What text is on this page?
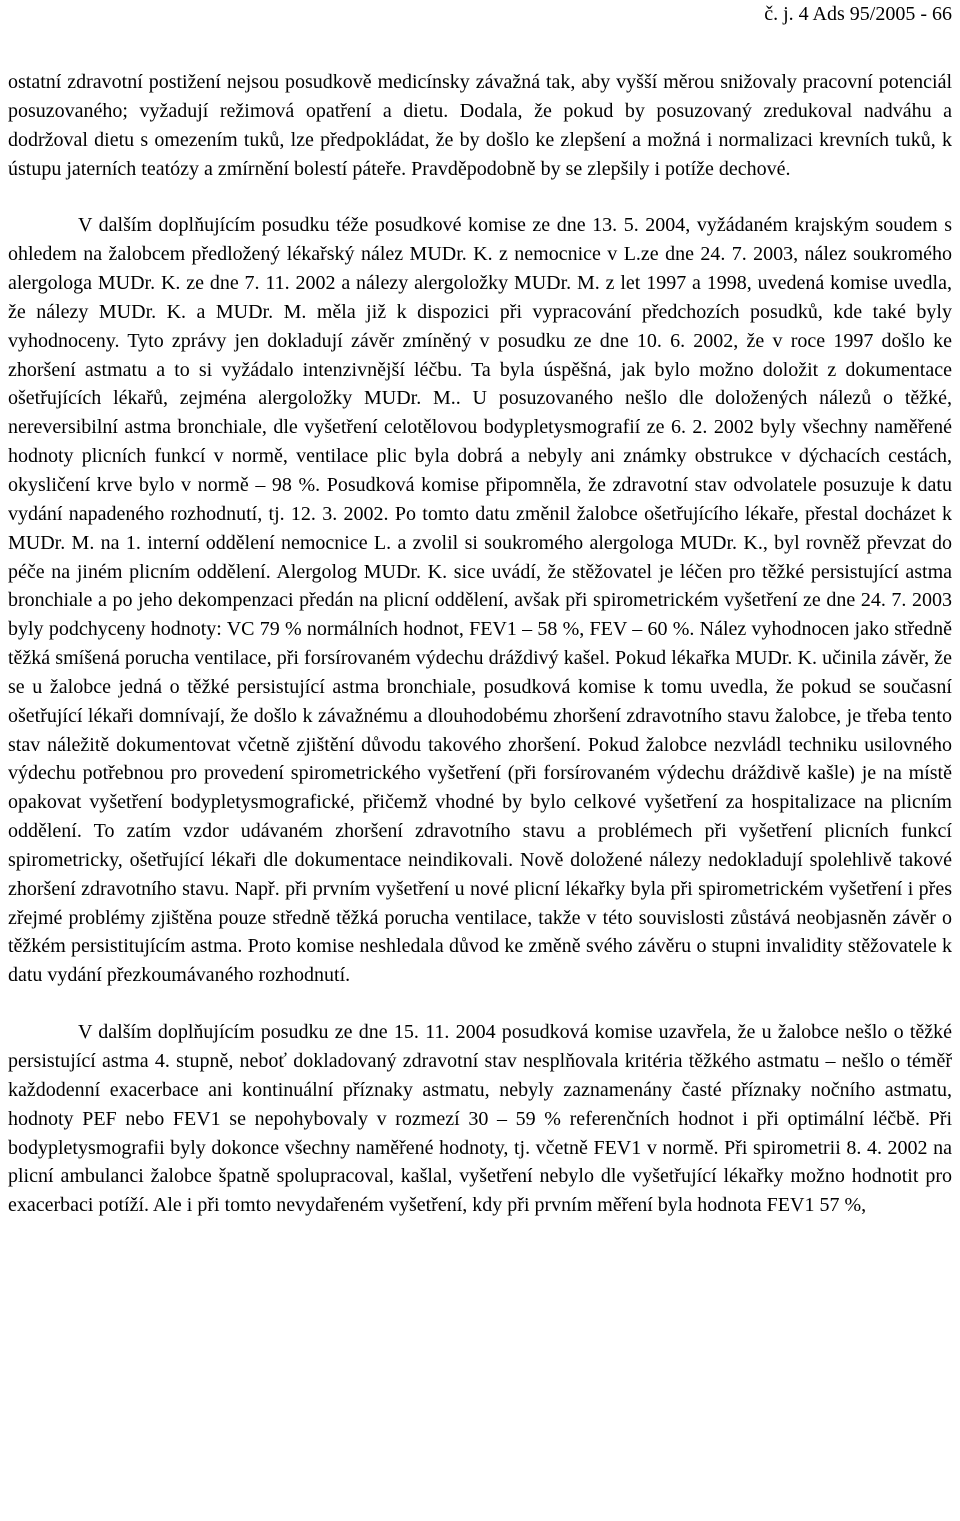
č. j. 4 Ads 95/2005 - 66

ostatní zdravotní postižení nejsou posudkově medicínsky závažná tak, aby vyšší měrou snižovaly pracovní potenciál posuzovaného; vyžadují režimová opatření a dietu. Dodala, že pokud by posuzovaný zredukoval nadváhu a dodržoval dietu s omezením tuků, lze předpokládat, že by došlo ke zlepšení a možná i normalizaci krevních tuků, k ústupu jaterních teatózy a zmírnění bolestí páteře. Pravděpodobně by se zlepšily i potíže dechové.

V dalším doplňujícím posudku téže posudkové komise ze dne 13. 5. 2004, vyžádaném krajským soudem s ohledem na žalobcem předložený lékařský nález MUDr. K. z nemocnice v L.ze dne 24. 7. 2003, nález soukromého alergologa MUDr. K. ze dne 7. 11. 2002 a nálezy alergoložky MUDr. M. z let 1997 a 1998, uvedená komise uvedla, že nálezy MUDr. K. a MUDr. M. měla již k dispozici při vypracování předchozích posudků, kde také byly vyhodnoceny. Tyto zprávy jen dokladují závěr zmíněný v posudku ze dne 10. 6. 2002, že v roce 1997 došlo ke zhoršení astmatu a to si vyžádalo intenzivnější léčbu. Ta byla úspěšná, jak bylo možno doložit z dokumentace ošetřujících lékařů, zejména alergoložky MUDr. M.. U posuzovaného nešlo dle doložených nálezů o těžké, nereversibilní astma bronchiale, dle vyšetření celotělovou bodypletysmografií ze 6. 2. 2002 byly všechny naměřené hodnoty plicních funkcí v normě, ventilace plic byla dobrá a nebyly ani známky obstrukce v dýchacích cestách, okysličení krve bylo v normě – 98 %. Posudková komise připomněla, že zdravotní stav odvolatele posuzuje k datu vydání napadeného rozhodnutí, tj. 12. 3. 2002. Po tomto datu změnil žalobce ošetřujícího lékaře, přestal docházet k MUDr. M. na 1. interní oddělení nemocnice L. a zvolil si soukromého alergologa MUDr. K., byl rovněž převzat do péče na jiném plicním oddělení. Alergolog MUDr. K. sice uvádí, že stěžovatel je léčen pro těžké persistující astma bronchiale a po jeho dekompenzaci předán na plicní oddělení, avšak při spirometrickém vyšetření ze dne 24. 7. 2003 byly podchyceny hodnoty: VC 79 % normálních hodnot, FEV1 – 58 %, FEV – 60 %. Nález vyhodnocen jako středně těžká smíšená porucha ventilace, při forsírovaném výdechu dráždivý kašel. Pokud lékařka MUDr. K. učinila závěr, že se u žalobce jedná o těžké persistující astma bronchiale, posudková komise k tomu uvedla, že pokud se současní ošetřující lékaři domnívají, že došlo k závažnému a dlouhodobému zhoršení zdravotního stavu žalobce, je třeba tento stav náležitě dokumentovat včetně zjištění důvodu takového zhoršení. Pokud žalobce nezvládl techniku usilovného výdechu potřebnou pro provedení spirometrického vyšetření (při forsírovaném výdechu dráždivě kašle) je na místě opakovat vyšetření bodypletysmografické, přičemž vhodné by bylo celkové vyšetření za hospitalizace na plicním oddělení. To zatím vzdor udávaném zhoršení zdravotního stavu a problémech při vyšetření plicních funkcí spirometricky, ošetřující lékaři dle dokumentace neindikovali. Nově doložené nálezy nedokladují spolehlivě takové zhoršení zdravotního stavu. Např. při prvním vyšetření u nové plicní lékařky byla při spirometrickém vyšetření i přes zřejmé problémy zjištěna pouze středně těžká porucha ventilace, takže v této souvislosti zůstává neobjasněn závěr o těžkém persistitujícím astma. Proto komise neshledala důvod ke změně svého závěru o stupni invalidity stěžovatele k datu vydání přezkoumávaného rozhodnutí.

V dalším doplňujícím posudku ze dne 15. 11. 2004 posudková komise uzavřela, že u žalobce nešlo o těžké persistující astma 4. stupně, neboť dokladovaný zdravotní stav nesplňovala kritéria těžkého astmatu – nešlo o téměř každodenní exacerbace ani kontinuální příznaky astmatu, nebyly zaznamenány časté příznaky nočního astmatu, hodnoty PEF nebo FEV1 se nepohybovaly v rozmezí 30 – 59 % referenčních hodnot i při optimální léčbě. Při bodypletysmografii byly dokonce všechny naměřené hodnoty, tj. včetně FEV1 v normě. Při spirometrii 8. 4. 2002 na plicní ambulanci žalobce špatně spolupracoval, kašlal, vyšetření nebylo dle vyšetřující lékařky možno hodnotit pro exacerbaci potíží. Ale i při tomto nevydařeném vyšetření, kdy při prvním měření byla hodnota FEV1 57 %,
